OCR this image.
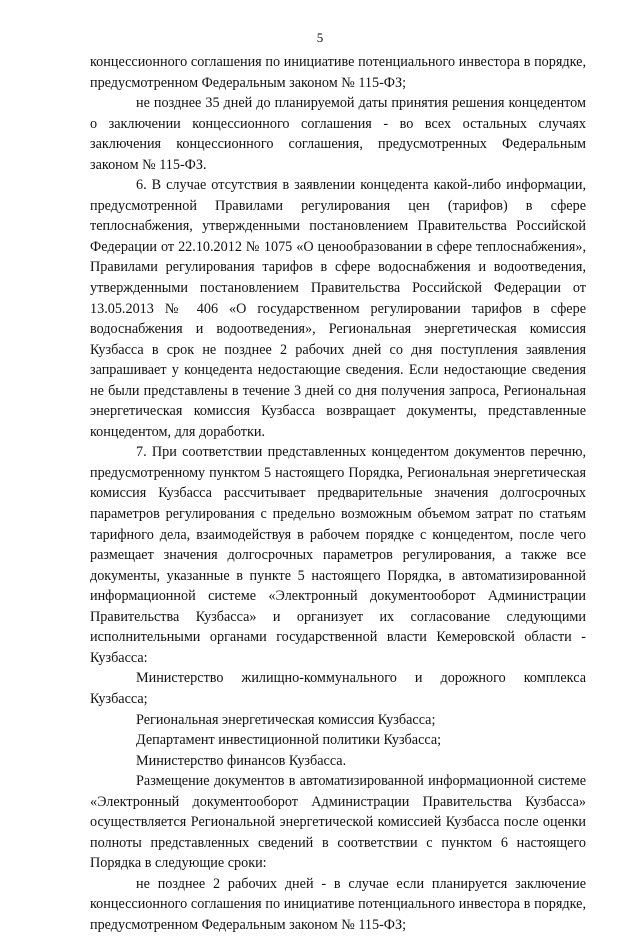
5

концессионного соглашения по инициативе потенциального инвестора в порядке, предусмотренном Федеральным законом № 115-ФЗ;

не позднее 35 дней до планируемой даты принятия решения концедентом о заключении концессионного соглашения - во всех остальных случаях заключения концессионного соглашения, предусмотренных Федеральным законом № 115-ФЗ.

6. В случае отсутствия в заявлении концедента какой-либо информации, предусмотренной Правилами регулирования цен (тарифов) в сфере теплоснабжения, утвержденными постановлением Правительства Российской Федерации от 22.10.2012 № 1075 «О ценообразовании в сфере теплоснабжения», Правилами регулирования тарифов в сфере водоснабжения и водоотведения, утвержденными постановлением Правительства Российской Федерации от 13.05.2013 № 406 «О государственном регулировании тарифов в сфере водоснабжения и водоотведения», Региональная энергетическая комиссия Кузбасса в срок не позднее 2 рабочих дней со дня поступления заявления запрашивает у концедента недостающие сведения. Если недостающие сведения не были представлены в течение 3 дней со дня получения запроса, Региональная энергетическая комиссия Кузбасса возвращает документы, представленные концедентом, для доработки.

7. При соответствии представленных концедентом документов перечню, предусмотренному пунктом 5 настоящего Порядка, Региональная энергетическая комиссия Кузбасса рассчитывает предварительные значения долгосрочных параметров регулирования с предельно возможным объемом затрат по статьям тарифного дела, взаимодействуя в рабочем порядке с концедентом, после чего размещает значения долгосрочных параметров регулирования, а также все документы, указанные в пункте 5 настоящего Порядка, в автоматизированной информационной системе «Электронный документооборот Администрации Правительства Кузбасса» и организует их согласование следующими исполнительными органами государственной власти Кемеровской области - Кузбасса:

Министерство жилищно-коммунального и дорожного комплекса Кузбасса;

Региональная энергетическая комиссия Кузбасса;

Департамент инвестиционной политики Кузбасса;

Министерство финансов Кузбасса.

Размещение документов в автоматизированной информационной системе «Электронный документооборот Администрации Правительства Кузбасса» осуществляется Региональной энергетической комиссией Кузбасса после оценки полноты представленных сведений в соответствии с пунктом 6 настоящего Порядка в следующие сроки:

не позднее 2 рабочих дней - в случае если планируется заключение концессионного соглашения по инициативе потенциального инвестора в порядке, предусмотренном Федеральным законом № 115-ФЗ;
